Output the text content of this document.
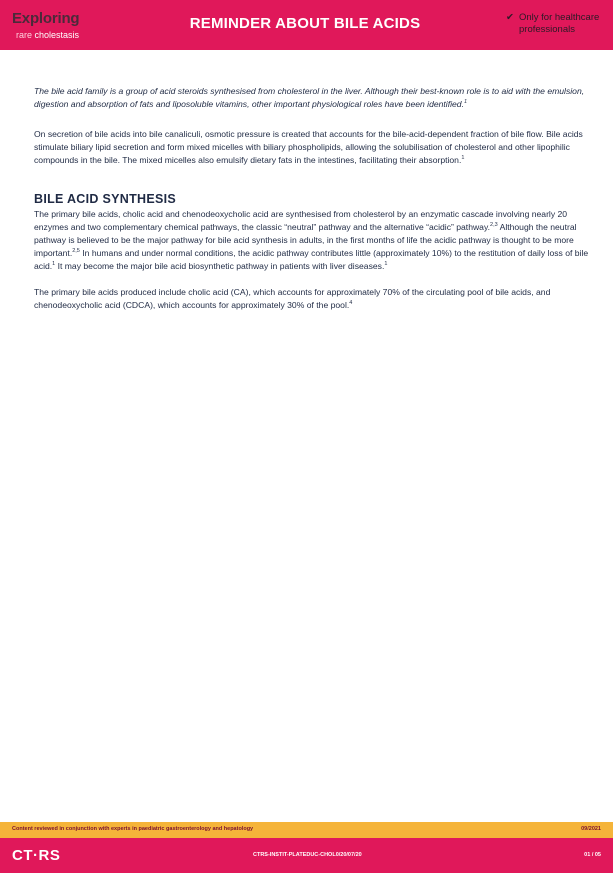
Exploring
rare cholestasis
REMINDER ABOUT BILE ACIDS	✔ Only for healthcare professionals

The bile acid family is a group of acid steroids synthesised from cholesterol in the liver. Although their best-known role is to aid with the emulsion, digestion and absorption of fats and liposoluble vitamins, other important physiological roles have been identified.$^1$

On secretion of bile acids into bile canaliculi, osmotic pressure is created that accounts for the bile-acid-dependent fraction of bile flow. Bile acids stimulate biliary lipid secretion and form mixed micelles with biliary phospholipids, allowing the solubilisation of cholesterol and other lipophilic compounds in the bile. The mixed micelles also emulsify dietary fats in the intestines, facilitating their absorption.$^1$

BILE ACID SYNTHESIS

The primary bile acids, cholic acid and chenodeoxycholic acid are synthesised from cholesterol by an enzymatic cascade involving nearly 20 enzymes and two complementary chemical pathways, the classic “neutral” pathway and the alternative “acidic” pathway.$^{2,3}$ Although the neutral pathway is believed to be the major pathway for bile acid synthesis in adults, in the first months of life the acidic pathway is thought to be more important.$^{2,5}$ In humans and under normal conditions, the acidic pathway contributes little (approximately 10%) to the restitution of daily loss of bile acid.$^1$ It may become the major bile acid biosynthetic pathway in patients with liver diseases.$^1$

The primary bile acids produced include cholic acid (CA), which accounts for approximately 70% of the circulating pool of bile acids, and chenodeoxycholic acid (CDCA), which accounts for approximately 30% of the pool.$^4$

Content reviewed in conjunction with experts in paediatric gastroenterology and hepatology	09/2021
CT·RS	CTRS-INSTIT-PLATEDUC-CHOL0/20/07/20	01 / 05
